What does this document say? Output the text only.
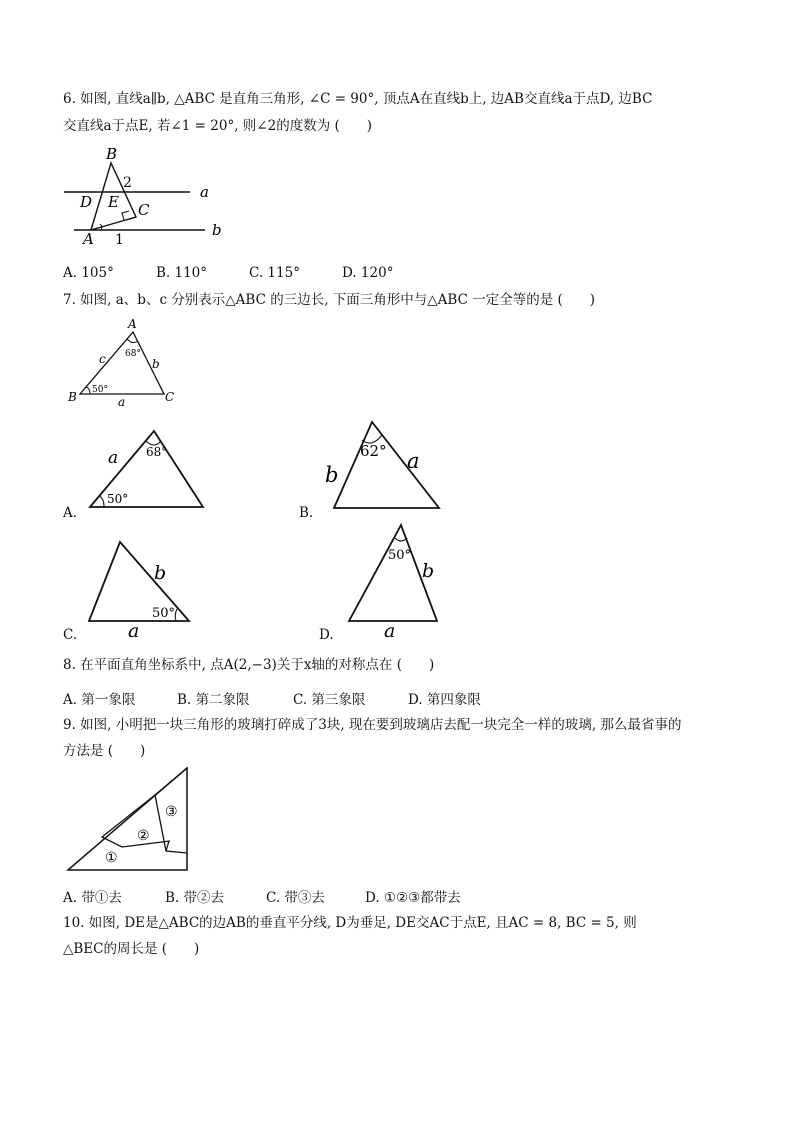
6. 如图, 直线a∥b, △ABC 是直角三角形, ∠C = 90°, 顶点A在直线b上, 边AB交直线a于点D, 边BC
交直线a于点E, 若∠1 = 20°, 则∠2的度数为 (　　)
B
2	a
D E C
A 1
b
A. 105°	B. 110°	C. 115°	D. 120°
7. 如图, a、b、c 分别表示△ABC 的三边长, 下面三角形中与△ABC 一定全等的是 (　　)
A
B	C
a
b
c 68°
50°
A.
a 68°
50°
B.
b
a
62°
C.
b
a
50°
D.
b
a
50°
8. 在平面直角坐标系中, 点A(2,−3)关于x轴的对称点在 (　　)
A. 第一象限	B. 第二象限	C. 第三象限	D. 第四象限
9. 如图, 小明把一块三角形的玻璃打碎成了3块, 现在要到玻璃店去配一块完全一样的玻璃, 那么最省事的
方法是 (　　)
①
②
③
A. 带①去	B. 带②去	C. 带③去	D. ①②③都带去
10. 如图, DE是△ABC的边AB的垂直平分线, D为垂足, DE交AC于点E, 且AC = 8, BC = 5, 则
△BEC的周长是 (　　)
